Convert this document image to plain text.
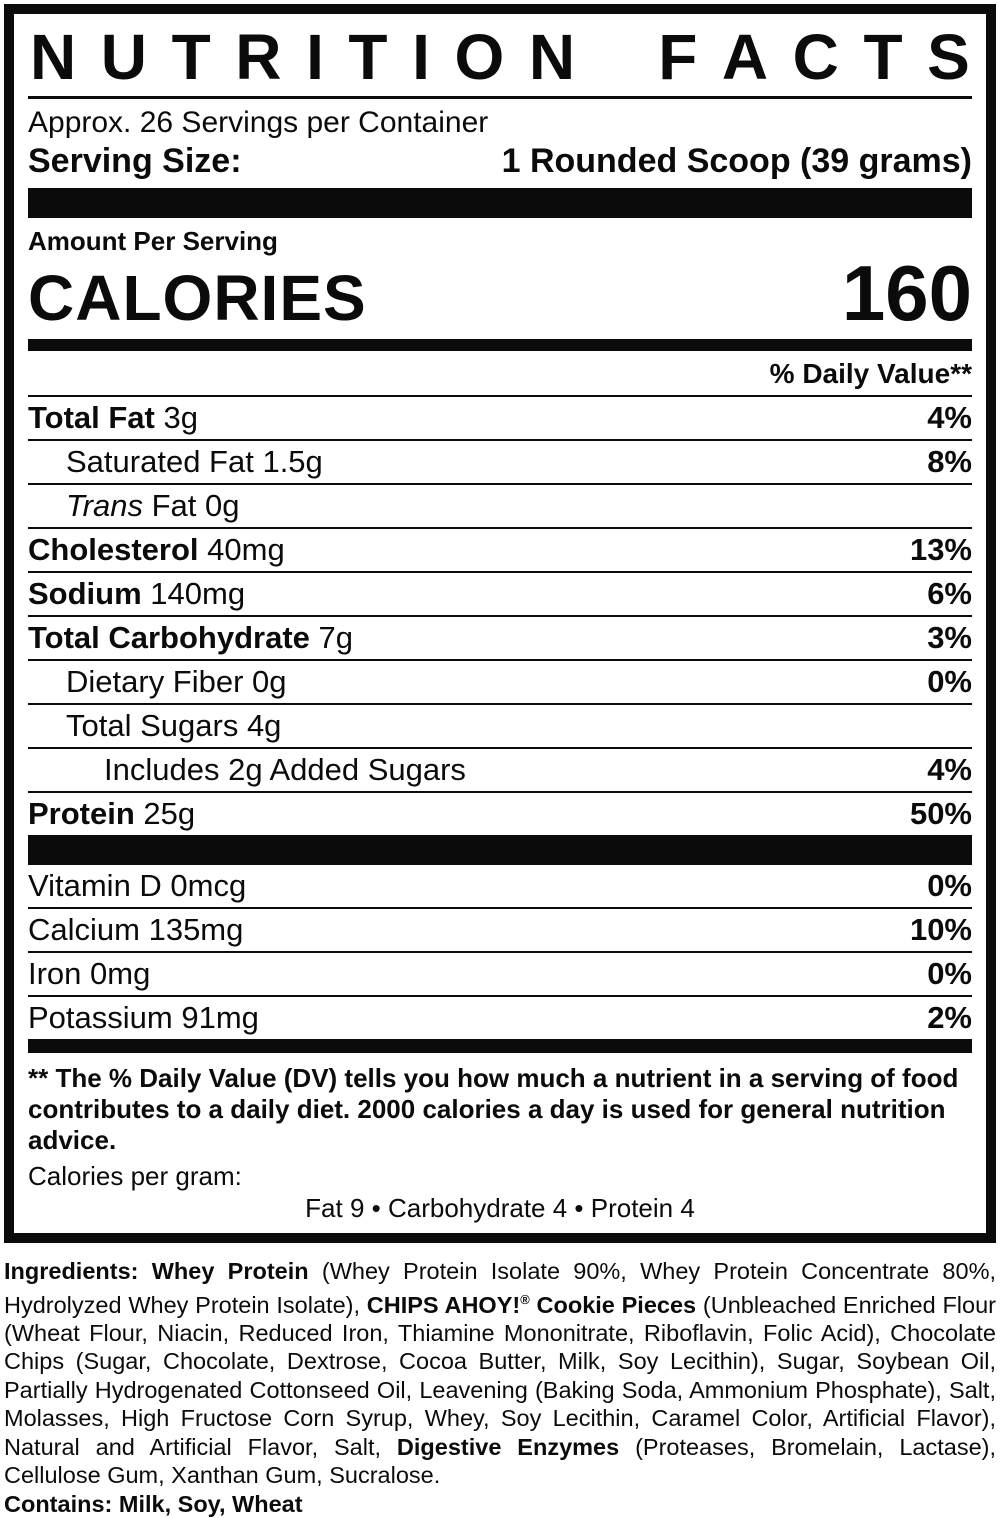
N U T R I T I O N
F A C T S
Approx. 26 Servings per Container
Serving Size:	1 Rounded Scoop (39 grams)
Amount Per Serving
CALORIES	160
% Daily Value**
Total Fat 3g	4%
Saturated Fat 1.5g	8%
Trans Fat 0g
Cholesterol 40mg	13%
Sodium 140mg	6%
Total Carbohydrate 7g	3%
Dietary Fiber 0g	0%
Total Sugars 4g
Includes 2g Added Sugars	4%
Protein 25g	50%
Vitamin D 0mcg	0%
Calcium 135mg	10%
Iron 0mg	0%
Potassium 91mg	2%
** The % Daily Value (DV) tells you how much a nutrient in a serving of food contributes to a daily diet. 2000 calories a day is used for general nutrition advice.
Calories per gram:
Fat 9 • Carbohydrate 4 • Protein 4

Ingredients: Whey Protein (Whey Protein Isolate 90%, Whey Protein Concentrate 80%, Hydrolyzed Whey Protein Isolate), CHIPS AHOY!® Cookie Pieces (Unbleached Enriched Flour (Wheat Flour, Niacin, Reduced Iron, Thiamine Mononitrate, Riboflavin, Folic Acid), Chocolate Chips (Sugar, Chocolate, Dextrose, Cocoa Butter, Milk, Soy Lecithin), Sugar, Soybean Oil, Partially Hydrogenated Cottonseed Oil, Leavening (Baking Soda, Ammonium Phosphate), Salt, Molasses, High Fructose Corn Syrup, Whey, Soy Lecithin, Caramel Color, Artificial Flavor), Natural and Artificial Flavor, Salt, Digestive Enzymes (Proteases, Bromelain, Lactase), Cellulose Gum, Xanthan Gum, Sucralose.

Contains: Milk, Soy, Wheat
